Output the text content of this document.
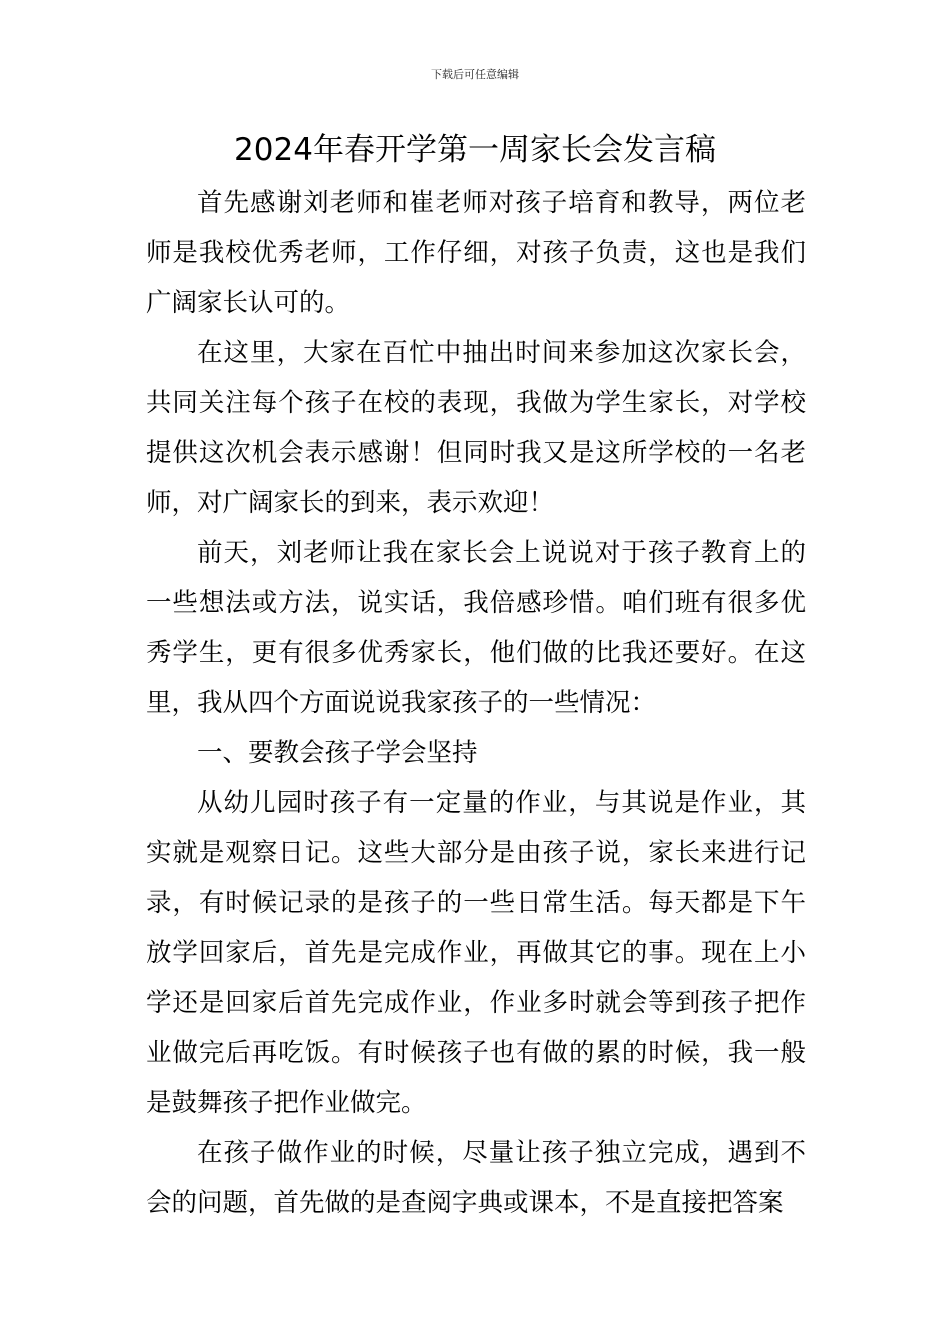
下载后可任意编辑
2024年春开学第一周家长会发言稿

首先感谢刘老师和崔老师对孩子培育和教导，两位老师是我校优秀老师，工作仔细，对孩子负责，这也是我们广阔家长认可的。

在这里，大家在百忙中抽出时间来参加这次家长会，共同关注每个孩子在校的表现，我做为学生家长，对学校提供这次机会表示感谢！但同时我又是这所学校的一名老师，对广阔家长的到来，表示欢迎！

前天，刘老师让我在家长会上说说对于孩子教育上的一些想法或方法，说实话，我倍感珍惜。咱们班有很多优秀学生，更有很多优秀家长，他们做的比我还要好。在这里，我从四个方面说说我家孩子的一些情况：

一、要教会孩子学会坚持

从幼儿园时孩子有一定量的作业，与其说是作业，其实就是观察日记。这些大部分是由孩子说，家长来进行记录，有时候记录的是孩子的一些日常生活。每天都是下午放学回家后，首先是完成作业，再做其它的事。现在上小学还是回家后首先完成作业，作业多时就会等到孩子把作业做完后再吃饭。有时候孩子也有做的累的时候，我一般是鼓舞孩子把作业做完。

在孩子做作业的时候，尽量让孩子独立完成，遇到不会的问题，首先做的是查阅字典或课本，不是直接把答案
